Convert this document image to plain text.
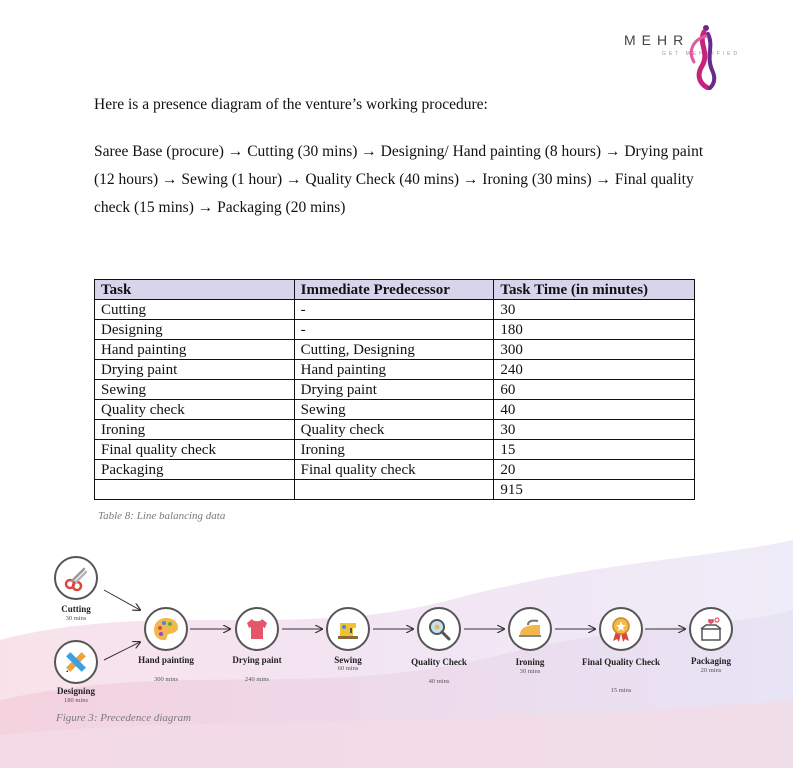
MEHR
GET MEHRIFIED

Here is a presence diagram of the venture’s working procedure:

Saree Base (procure) → Cutting (30 mins) → Designing/ Hand painting (8 hours) → Drying paint (12 hours) → Sewing (1 hour) → Quality Check (40 mins) → Ironing (30 mins) → Final quality check (15 mins) → Packaging (20 mins)

Task	Immediate Predecessor	Task Time (in minutes)
Cutting	-	30
Designing	-	180
Hand painting	Cutting, Designing	300
Drying paint	Hand painting	240
Sewing	Drying paint	60
Quality check	Sewing	40
Ironing	Quality check	30
Final quality check	Ironing	15
Packaging	Final quality check	20
		915
Table 8: Line balancing data
Cutting
30 mins
Designing
180 mins
Hand painting
300 mins
Drying paint
240 mins
Sewing
60 mins
Quality Check
40 mins
Ironing
30 mins
Final Quality Check
15 mins
Packaging
20 mins
Figure 3: Precedence diagram
